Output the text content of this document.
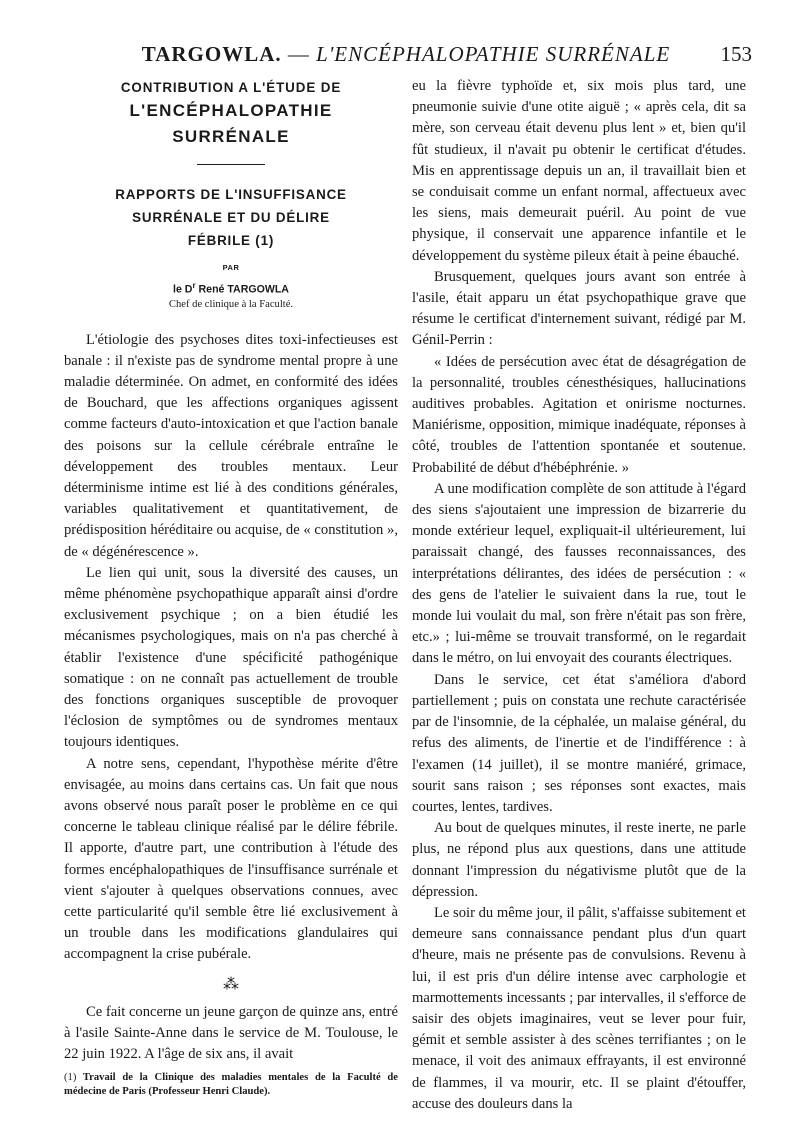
TARGOWLA. — L'ENCÉPHALOPATHIE SURRÉNALE	153
CONTRIBUTION A L'ÉTUDE DE
L'ENCÉPHALOPATHIE
SURRÉNALE
RAPPORTS DE L'INSUFFISANCE
SURRÉNALE ET DU DÉLIRE
FÉBRILE (1)
PAR
le $D^r$ René TARGOWLA
Chef de clinique à la Faculté.

L'étiologie des psychoses dites toxi-infectieuses est banale : il n'existe pas de syndrome mental propre à une maladie déterminée. On admet, en conformité des idées de Bouchard, que les affections organiques agissent comme facteurs d'auto-intoxication et que l'action banale des poisons sur la cellule cérébrale entraîne le développement des troubles mentaux. Leur déterminisme intime est lié à des conditions générales, variables qualitativement et quantitativement, de prédisposition héréditaire ou acquise, de « constitution », de « dégénérescence ».

Le lien qui unit, sous la diversité des causes, un même phénomène psychopathique apparaît ainsi d'ordre exclusivement psychique ; on a bien étudié les mécanismes psychologiques, mais on n'a pas cherché à établir l'existence d'une spécificité pathogénique somatique : on ne connaît pas actuellement de trouble des fonctions organiques susceptible de provoquer l'éclosion de symptômes ou de syndromes mentaux toujours identiques.

A notre sens, cependant, l'hypothèse mérite d'être envisagée, au moins dans certains cas. Un fait que nous avons observé nous paraît poser le problème en ce qui concerne le tableau clinique réalisé par le délire fébrile. Il apporte, d'autre part, une contribution à l'étude des formes encéphalopathiques de l'insuffisance surrénale et vient s'ajouter à quelques observations connues, avec cette particularité qu'il semble être lié exclusivement à un trouble dans les modifications glandulaires qui accompagnent la crise pubérale.

⁂

Ce fait concerne un jeune garçon de quinze ans, entré à l'asile Sainte-Anne dans le service de M. Toulouse, le 22 juin 1922. A l'âge de six ans, il avait

(1) Travail de la Clinique des maladies mentales de la Faculté de médecine de Paris (Professeur Henri Claude).

eu la fièvre typhoïde et, six mois plus tard, une pneumonie suivie d'une otite aiguë ; « après cela, dit sa mère, son cerveau était devenu plus lent » et, bien qu'il fût studieux, il n'avait pu obtenir le certificat d'études. Mis en apprentissage depuis un an, il travaillait bien et se conduisait comme un enfant normal, affectueux avec les siens, mais demeurait puéril. Au point de vue physique, il conservait une apparence infantile et le développement du système pileux était à peine ébauché.

Brusquement, quelques jours avant son entrée à l'asile, était apparu un état psychopathique grave que résume le certificat d'internement suivant, rédigé par M. Génil-Perrin :

« Idées de persécution avec état de désagrégation de la personnalité, troubles cénesthésiques, hallucinations auditives probables. Agitation et onirisme nocturnes. Maniérisme, opposition, mimique inadéquate, réponses à côté, troubles de l'attention spontanée et soutenue. Probabilité de début d'hébéphrénie. »

A une modification complète de son attitude à l'égard des siens s'ajoutaient une impression de bizarrerie du monde extérieur lequel, expliquait-il ultérieurement, lui paraissait changé, des fausses reconnaissances, des interprétations délirantes, des idées de persécution : « des gens de l'atelier le suivaient dans la rue, tout le monde lui voulait du mal, son frère n'était pas son frère, etc.» ; lui-même se trouvait transformé, on le regardait dans le métro, on lui envoyait des courants électriques.

Dans le service, cet état s'améliora d'abord partiellement ; puis on constata une rechute caractérisée par de l'insomnie, de la céphalée, un malaise général, du refus des aliments, de l'inertie et de l'indifférence : à l'examen (14 juillet), il se montre maniéré, grimace, sourit sans raison ; ses réponses sont exactes, mais courtes, lentes, tardives.

Au bout de quelques minutes, il reste inerte, ne parle plus, ne répond plus aux questions, dans une attitude donnant l'impression du négativisme plutôt que de la dépression.

Le soir du même jour, il pâlit, s'affaisse subitement et demeure sans connaissance pendant plus d'un quart d'heure, mais ne présente pas de convulsions. Revenu à lui, il est pris d'un délire intense avec carphologie et marmottements incessants ; par intervalles, il s'efforce de saisir des objets imaginaires, veut se lever pour fuir, gémit et semble assister à des scènes terrifiantes ; on le menace, il voit des animaux effrayants, il est environné de flammes, il va mourir, etc. Il se plaint d'étouffer, accuse des douleurs dans la
